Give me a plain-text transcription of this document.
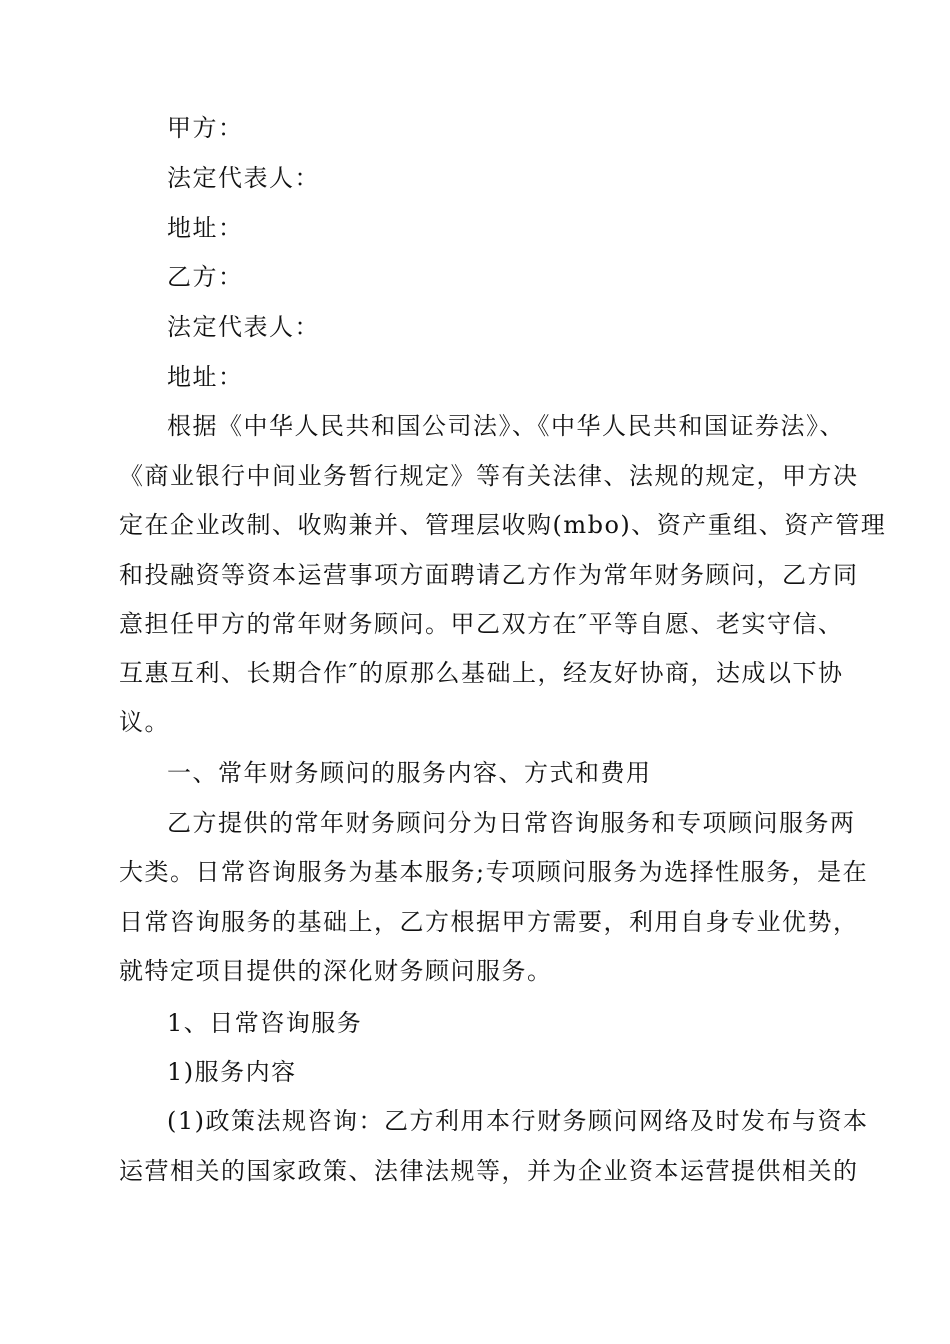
甲方：
法定代表人：
地址：
乙方：
法定代表人：
地址：
根据《中华人民共和国公司法》、《中华人民共和国证券法》、
《商业银行中间业务暂行规定》等有关法律、法规的规定，甲方决
定在企业改制、收购兼并、管理层收购(mbo)、资产重组、资产管理
和投融资等资本运营事项方面聘请乙方作为常年财务顾问，乙方同
意担任甲方的常年财务顾问。甲乙双方在″平等自愿、老实守信、
互惠互利、长期合作″的原那么基础上，经友好协商，达成以下协
议。
一、常年财务顾问的服务内容、方式和费用
乙方提供的常年财务顾问分为日常咨询服务和专项顾问服务两
大类。日常咨询服务为基本服务;专项顾问服务为选择性服务，是在
日常咨询服务的基础上，乙方根据甲方需要，利用自身专业优势，
就特定项目提供的深化财务顾问服务。
1、日常咨询服务
1)服务内容
(1)政策法规咨询：乙方利用本行财务顾问网络及时发布与资本
运营相关的国家政策、法律法规等，并为企业资本运营提供相关的
